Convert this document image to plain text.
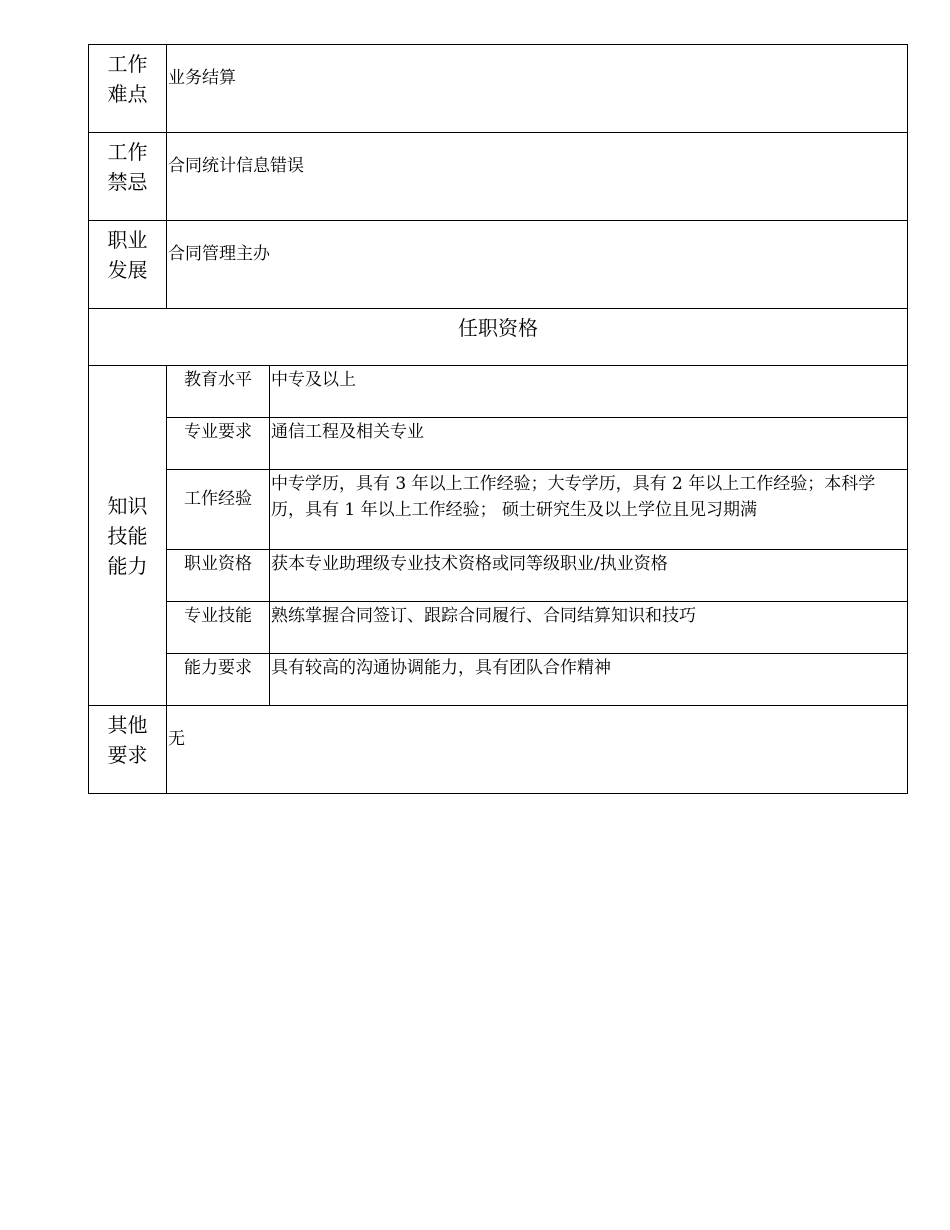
工作
难点	业务结算	

工作
禁忌	合同统计信息错误	

职业
发展	合同管理主办	
任职资格		

知识
技能
能力	教育水平	中专及以上
	专业要求	通信工程及相关专业
	工作经验	中专学历，具有 3 年以上工作经验；大专学历，具有 2 年以上工作经验；本科学历，具有 1 年以上工作经验； 硕士研究生及以上学位且见习期满
	职业资格	获本专业助理级专业技术资格或同等级职业/执业资格
	专业技能	熟练掌握合同签订、跟踪合同履行、合同结算知识和技巧
	能力要求	具有较高的沟通协调能力，具有团队合作精神

其他
要求	无	
